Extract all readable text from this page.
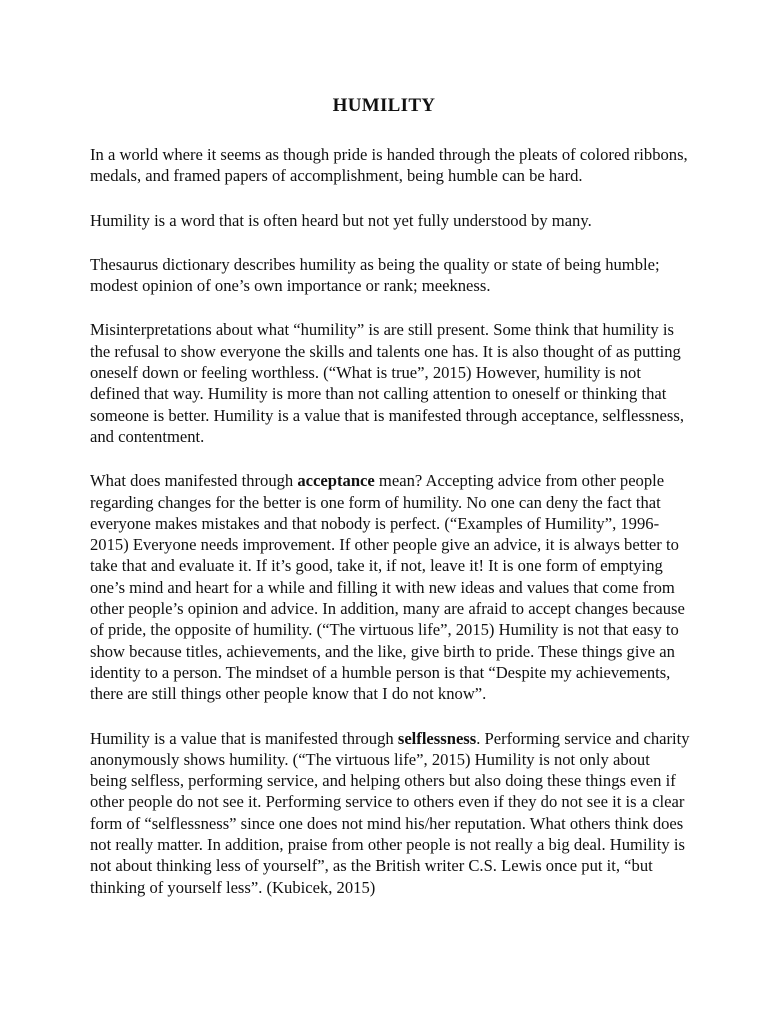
HUMILITY

In a world where it seems as though pride is handed through the pleats of colored ribbons, medals, and framed papers of accomplishment, being humble can be hard.

Humility is a word that is often heard but not yet fully understood by many.

Thesaurus dictionary describes humility as being the quality or state of being humble; modest opinion of one’s own importance or rank; meekness.

Misinterpretations about what “humility” is are still present. Some think that humility is the refusal to show everyone the skills and talents one has. It is also thought of as putting oneself down or feeling worthless. (“What is true”, 2015) However, humility is not defined that way. Humility is more than not calling attention to oneself or thinking that someone is better. Humility is a value that is manifested through acceptance, selflessness, and contentment.

What does manifested through acceptance mean? Accepting advice from other people regarding changes for the better is one form of humility. No one can deny the fact that everyone makes mistakes and that nobody is perfect. (“Examples of Humility”, 1996-2015) Everyone needs improvement. If other people give an advice, it is always better to take that and evaluate it. If it’s good, take it, if not, leave it! It is one form of emptying one’s mind and heart for a while and filling it with new ideas and values that come from other people’s opinion and advice. In addition, many are afraid to accept changes because of pride, the opposite of humility. (“The virtuous life”, 2015) Humility is not that easy to show because titles, achievements, and the like, give birth to pride. These things give an identity to a person. The mindset of a humble person is that “Despite my achievements, there are still things other people know that I do not know”.

Humility is a value that is manifested through selflessness. Performing service and charity anonymously shows humility. (“The virtuous life”, 2015) Humility is not only about being selfless, performing service, and helping others but also doing these things even if other people do not see it. Performing service to others even if they do not see it is a clear form of “selflessness” since one does not mind his/her reputation. What others think does not really matter. In addition, praise from other people is not really a big deal. Humility is not about thinking less of yourself”, as the British writer C.S. Lewis once put it, “but thinking of yourself less”. (Kubicek, 2015)
